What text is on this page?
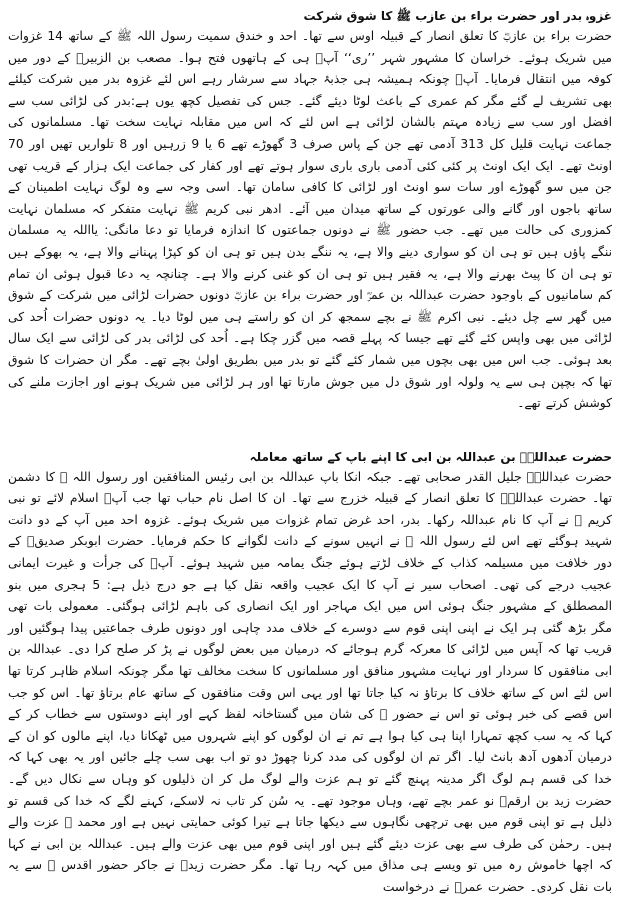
غزوہ بدر اور حضرت براء بن عازب ﷺ کا شوق شرکت

حضرت براء بن عازبؓ کا تعلق انصار کے قبیلہ اوس سے تھا۔ احد و خندق سمیت رسول اللہ ﷺ کے ساتھ 14 غزوات میں شریک ہوئے۔ خراسان کا مشہور شہر ’’ری‘‘ آپؓ ہی کے ہاتھوں فتح ہوا۔ مصعب بن الزبیرؓ کے دور میں کوفہ میں انتقال فرمایا۔ آپؓ چونکہ ہمیشہ ہی جذبۂ جہاد سے سرشار رہے اس لئے غزوہ بدر میں شرکت کیلئے بھی تشریف لے گئے مگر کم عمری کے باعث لوٹا دیئے گئے۔ جس کی تفصیل کچھ یوں ہے:بدر کی لڑائی سب سے افضل اور سب سے زیادہ مہتم بالشان لڑائی ہے اس لئے کہ اس میں مقابلہ نہایت سخت تھا۔ مسلمانوں کی جماعت نہایت قلیل کل 313 آدمی تھے جن کے پاس صرف 3 گھوڑے تھے 6 یا 9 زرہیں اور 8 تلواریں تھیں اور 70 اونٹ تھے۔ ایک ایک اونٹ پر کئی کئی آدمی باری باری سوار ہوتے تھے اور کفار کی جماعت ایک ہزار کے قریب تھی جن میں سو گھوڑے اور سات سو اونٹ اور لڑائی کا کافی سامان تھا۔ اسی وجہ سے وہ لوگ نہایت اطمینان کے ساتھ باجوں اور گانے والی عورتوں کے ساتھ میدان میں آئے۔ ادھر نبی کریم ﷺ نہایت متفکر کہ مسلمان نہایت کمزوری کی حالت میں تھے۔ جب حضور ﷺ نے دونوں جماعتوں کا اندازہ فرمایا تو دعا مانگی: یااللہ یہ مسلمان ننگے پاؤں ہیں تو ہی ان کو سواری دینے والا ہے، یہ ننگے بدن ہیں تو ہی ان کو کپڑا پہنانے والا ہے، یہ بھوکے ہیں تو ہی ان کا پیٹ بھرنے والا ہے، یہ فقیر ہیں تو ہی ان کو غنی کرنے والا ہے۔ چنانچہ یہ دعا قبول ہوئی ان تمام کم سامانیوں کے باوجود حضرت عبداللہ بن عمرؓ اور حضرت براء بن عازبؓ دونوں حضرات لڑائی میں شرکت کے شوق میں گھر سے چل دیئے۔ نبی اکرم ﷺ نے بچے سمجھ کر ان کو راستے ہی میں لوٹا دیا۔ یہ دونوں حضرات اُحد کی لڑائی میں بھی واپس کئے گئے تھے جیسا کہ پہلے قصہ میں گزر چکا ہے۔ اُحد کی لڑائی بدر کی لڑائی سے ایک سال بعد ہوئی۔ جب اس میں بھی بچوں میں شمار کئے گئے تو بدر میں بطریق اولیٰ بچے تھے۔ مگر ان حضرات کا شوق تھا کہ بچپن ہی سے یہ ولولہ اور شوق دل میں جوش مارتا تھا اور ہر لڑائی میں شریک ہونے اور اجازت ملنے کی کوشش کرتے تھے۔

حضرت عبداللہؓ بن عبداللہ بن ابی کا اپنے باپ کے ساتھ معاملہ

حضرت عبداللہؓ جلیل القدر صحابی تھے۔ جبکہ انکا باپ عبداللہ بن ابی رئیس المنافقین اور رسول اللہ ﷺ کا دشمن تھا۔ حضرت عبداللہؓ کا تعلق انصار کے قبیلہ خزرج سے تھا۔ ان کا اصل نام حباب تھا جب آپؓ اسلام لائے تو نبی کریم ﷺ نے آپ کا نام عبداللہ رکھا۔ بدر، احد غرض تمام غزوات میں شریک ہوئے۔ غزوہ احد میں آپ کے دو دانت شہید ہوگئے تھے اس لئے رسول اللہ ﷺ نے انہیں سونے کے دانت لگوانے کا حکم فرمایا۔ حضرت ابوبکر صدیقؓ کے دور خلافت میں مسیلمہ کذاب کے خلاف لڑتے ہوئے جنگ یمامہ میں شہید ہوئے۔ آپؓ کی جرأت و غیرت ایمانی عجیب درجے کی تھی۔ اصحاب سیر نے آپ کا ایک عجیب واقعہ نقل کیا ہے جو درج ذیل ہے: 5 ہجری میں بنو المصطلق کے مشہور جنگ ہوئی اس میں ایک مہاجر اور ایک انصاری کی باہم لڑائی ہوگئی۔ معمولی بات تھی مگر بڑھ گئی ہر ایک نے اپنی اپنی قوم سے دوسرے کے خلاف مدد چاہی اور دونوں طرف جماعتیں پیدا ہوگئیں اور قریب تھا کہ آپس میں لڑائی کا معرکہ گرم ہوجائے کہ درمیان میں بعض لوگوں نے پڑ کر صلح کرا دی۔ عبداللہ بن ابی منافقوں کا سردار اور نہایت مشہور منافق اور مسلمانوں کا سخت مخالف تھا مگر چونکہ اسلام ظاہر کرتا تھا اس لئے اس کے ساتھ خلاف کا برتاؤ نہ کیا جاتا تھا اور یہی اس وقت منافقوں کے ساتھ عام برتاؤ تھا۔ اس کو جب اس قصے کی خبر ہوئی تو اس نے حضور ﷺ کی شان میں گستاخانہ لفظ کہے اور اپنے دوستوں سے خطاب کر کے کہا کہ یہ سب کچھ تمہارا اپنا ہی کیا ہوا ہے تم نے ان لوگوں کو اپنے شہروں میں ٹھکانا دیا، اپنے مالوں کو ان کے درمیان آدھوں آدھ بانٹ لیا۔ اگر تم ان لوگوں کی مدد کرنا چھوڑ دو تو اب بھی سب چلے جائیں اور یہ بھی کہا کہ خدا کی قسم ہم لوگ اگر مدینہ پہنچ گئے تو ہم عزت والے لوگ مل کر ان ذلیلوں کو وہاں سے نکال دیں گے۔ حضرت زید بن ارقمؓ نو عمر بچے تھے، وہاں موجود تھے۔ یہ سُن کر تاب نہ لاسکے، کہنے لگے کہ خدا کی قسم تو ذلیل ہے تو اپنی قوم میں بھی ترچھی نگاہوں سے دیکھا جاتا ہے تیرا کوئی حمایتی نہیں ہے اور محمد ﷺ عزت والے ہیں۔ رحمٰن کی طرف سے بھی عزت دیئے گئے ہیں اور اپنی قوم میں بھی عزت والے ہیں۔ عبداللہ بن ابی نے کہا کہ اچھا خاموش رہ میں تو ویسے ہی مذاق میں کہہ رہا تھا۔ مگر حضرت زیدؓ نے جاکر حضور اقدس ﷺ سے یہ بات نقل کردی۔ حضرت عمرؓ نے درخواست
